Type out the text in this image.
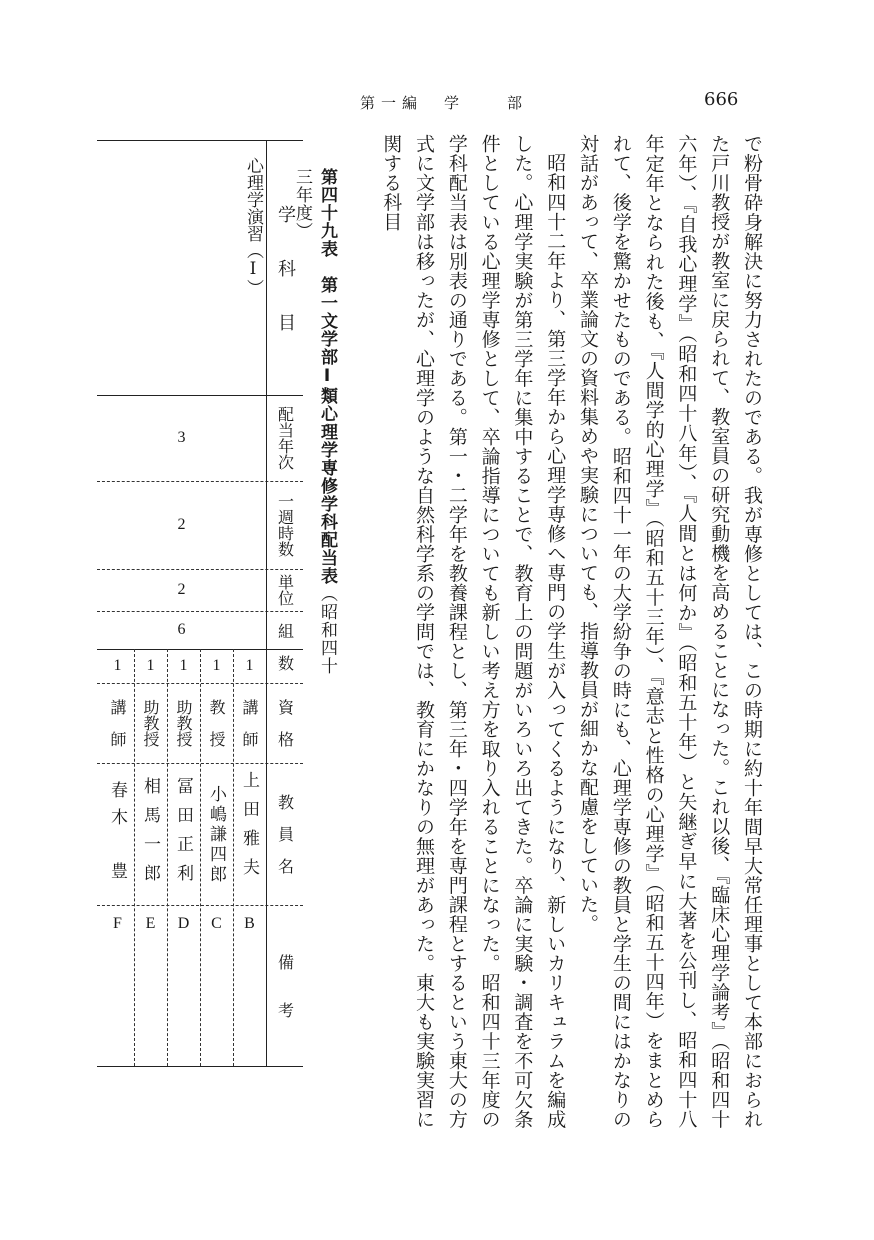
第一編　学　　部	666

で粉骨砕身解決に努力されたのである。我が専修としては、この時期に約十年間早大常任理事として本部におられた戸川教授が教室に戻られて、教室員の研究動機を高めることになった。これ以後、『臨床心理学論考』（昭和四十六年）、『自我心理学』（昭和四十八年）、『人間とは何か』（昭和五十年）と矢継ぎ早に大著を公刊し、昭和四十八年定年となられた後も、『人間学的心理学』（昭和五十三年）、『意志と性格の心理学』（昭和五十四年）をまとめられて、後学を驚かせたものである。昭和四十一年の大学紛争の時にも、心理学専修の教員と学生の間にはかなりの対話があって、卒業論文の資料集めや実験についても、指導教員が細かな配慮をしていた。

昭和四十二年より、第三学年から心理学専修へ専門の学生が入ってくるようになり、新しいカリキュラムを編成した。心理学実験が第三学年に集中することで、教育上の問題がいろいろ出てきた。卒論に実験・調査を不可欠条件としている心理学専修として、卒論指導についても新しい考え方を取り入れることになった。昭和四十三年度の学科配当表は別表の通りである。第一・二学年を教養課程とし、第三年・四学年を専門課程とするという東大の方式に文学部は移ったが、心理学のような自然科学系の学問では、教育にかなりの無理があった。東大も実験実習に関する科目

第四十九表　第一文学部Ⅰ類心理学専修学科配当表（昭和四十三年度）
学　　科　　目
配当年次
一週時数
単位
組　数
資　格
教　員　名
備　　考
心理学演習（Ⅰ）
3
2
2
6
1
講　師
上田雅夫
B
1
教　授
小嶋謙四郎
C
1
助教授
冨田正利
D
1
助教授
相馬一郎
E
1
講　師
春木　豊
F
